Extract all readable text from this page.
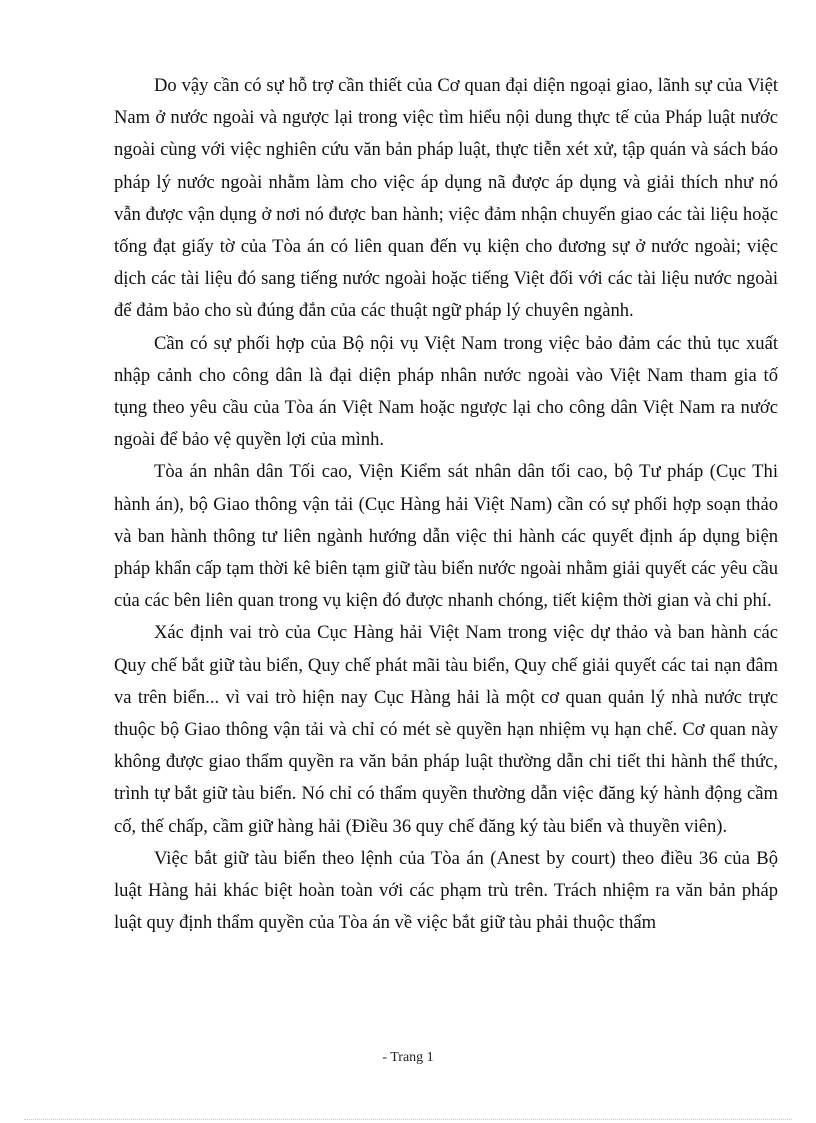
Do vậy cần có sự hỗ trợ cần thiết của Cơ quan đại diện ngoại giao, lãnh sự của Việt Nam ở nước ngoài và ngược lại trong việc tìm hiểu nội dung thực tế của Pháp luật nước ngoài cùng với việc nghiên cứu văn bản pháp luật, thực tiễn xét xử, tập quán và sách báo pháp lý nước ngoài nhằm làm cho việc áp dụng nã được áp dụng và giải thích như nó vẫn được vận dụng ở nơi nó được ban hành; việc đảm nhận chuyển giao các tài liệu hoặc tống đạt giấy tờ của Tòa án có liên quan đến vụ kiện cho đương sự ở nước ngoài; việc dịch các tài liệu đó sang tiếng nước ngoài hoặc tiếng Việt đối với các tài liệu nước ngoài để đảm bảo cho sù đúng đắn của các thuật ngữ pháp lý chuyên ngành.

Cần có sự phối hợp của Bộ nội vụ Việt Nam trong việc bảo đảm các thủ tục xuất nhập cảnh cho công dân là đại diện pháp nhân nước ngoài vào Việt Nam tham gia tố tụng theo yêu cầu của Tòa án Việt Nam hoặc ngược lại cho công dân Việt Nam ra nước ngoài để bảo vệ quyền lợi của mình.

Tòa án nhân dân Tối cao, Viện Kiểm sát nhân dân tối cao, bộ Tư pháp (Cục Thi hành án), bộ Giao thông vận tải (Cục Hàng hải Việt Nam) cần có sự phối hợp soạn thảo và ban hành thông tư liên ngành hướng dẫn việc thi hành các quyết định áp dụng biện pháp khẩn cấp tạm thời kê biên tạm giữ tàu biển nước ngoài nhằm giải quyết các yêu cầu của các bên liên quan trong vụ kiện đó được nhanh chóng, tiết kiệm thời gian và chi phí.

Xác định vai trò của Cục Hàng hải Việt Nam trong việc dự thảo và ban hành các Quy chế bắt giữ tàu biển, Quy chế phát mãi tàu biển, Quy chế giải quyết các tai nạn đâm va trên biển... vì vai trò hiện nay Cục Hàng hải là một cơ quan quản lý nhà nước trực thuộc bộ Giao thông vận tải và chỉ có mét sè quyền hạn nhiệm vụ hạn chế. Cơ quan này không được giao thẩm quyền ra văn bản pháp luật thường dẫn chi tiết thi hành thể thức, trình tự bắt giữ tàu biển. Nó chỉ có thẩm quyền thường dẫn việc đăng ký hành động cầm cố, thế chấp, cầm giữ hàng hải (Điều 36 quy chế đăng ký tàu biển và thuyền viên).

Việc bắt giữ tàu biển theo lệnh của Tòa án (Anest by court) theo điều 36 của Bộ luật Hàng hải khác biệt hoàn toàn với các phạm trù trên. Trách nhiệm ra văn bản pháp luật quy định thẩm quyền của Tòa án về việc bắt giữ tàu phải thuộc thẩm

- Trang 1
